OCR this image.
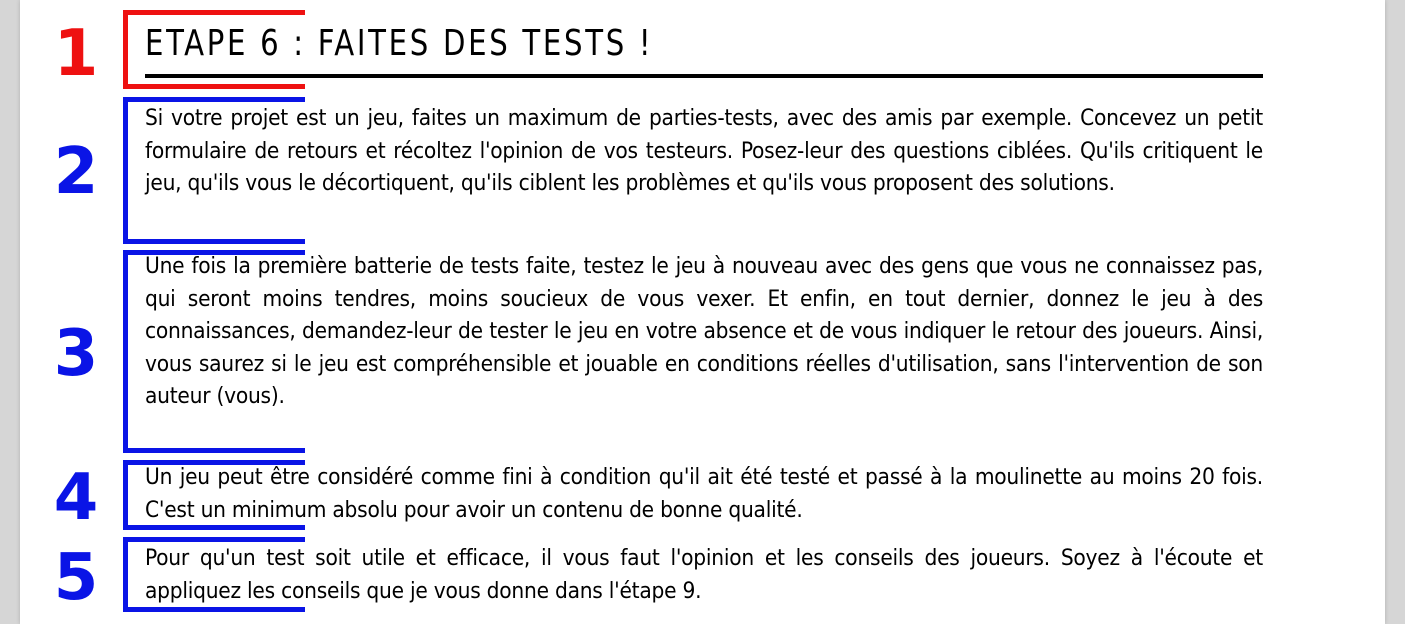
1
2
3
4
5
ETAPE 6 : FAITES DES TESTS !

Si votre projet est un jeu, faites un maximum de parties-tests, avec des amis par exemple. Concevez un petit formulaire de retours et récoltez l'opinion de vos testeurs. Posez-leur des questions ciblées. Qu'ils critiquent le jeu, qu'ils vous le décortiquent, qu'ils ciblent les problèmes et qu'ils vous proposent des solutions.

Une fois la première batterie de tests faite, testez le jeu à nouveau avec des gens que vous ne connaissez pas, qui seront moins tendres, moins soucieux de vous vexer. Et enfin, en tout dernier, donnez le jeu à des connaissances, demandez-leur de tester le jeu en votre absence et de vous indiquer le retour des joueurs. Ainsi, vous saurez si le jeu est compréhensible et jouable en conditions réelles d'utilisation, sans l'intervention de son auteur (vous).

Un jeu peut être considéré comme fini à condition qu'il ait été testé et passé à la moulinette au moins 20 fois. C'est un minimum absolu pour avoir un contenu de bonne qualité.

Pour qu'un test soit utile et efficace, il vous faut l'opinion et les conseils des joueurs. Soyez à l'écoute et appliquez les conseils que je vous donne dans l'étape 9.
